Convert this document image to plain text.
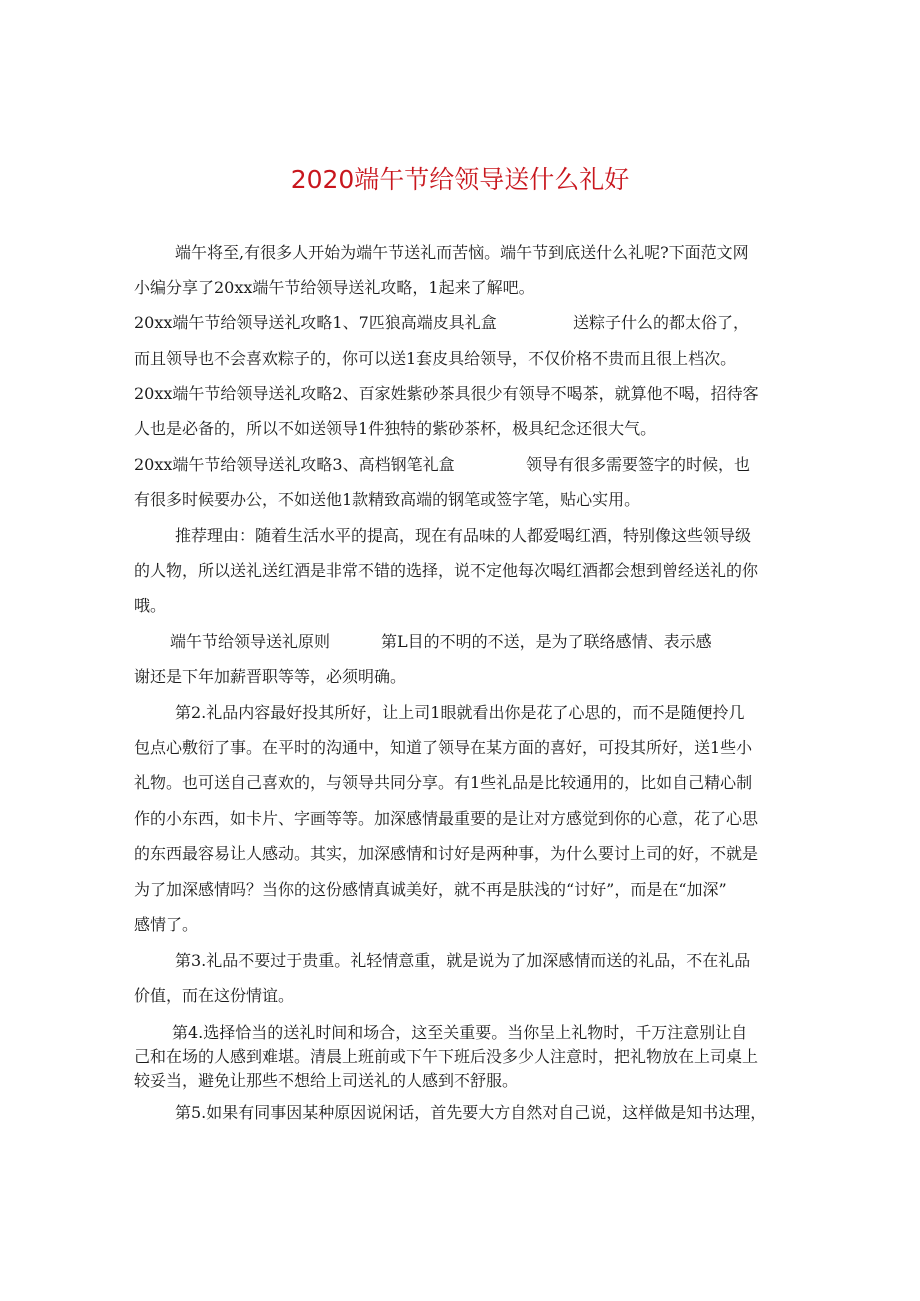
2020端午节给领导送什么礼好
端午将至,有很多人开始为端午节送礼而苦恼。端午节到底送什么礼呢?下面范文网
小编分享了20xx端午节给领导送礼攻略，1起来了解吧。
20xx端午节给领导送礼攻略1、7匹狼高端皮具礼盒	送粽子什么的都太俗了，
而且领导也不会喜欢粽子的，你可以送1套皮具给领导，不仅价格不贵而且很上档次。
20xx端午节给领导送礼攻略2、百家姓紫砂茶具很少有领导不喝茶，就算他不喝，招待客
人也是必备的，所以不如送领导1件独特的紫砂茶杯，极具纪念还很大气。
20xx端午节给领导送礼攻略3、高档钢笔礼盒	领导有很多需要签字的时候，也
有很多时候要办公，不如送他1款精致高端的钢笔或签字笔，贴心实用。
推荐理由：随着生活水平的提高，现在有品味的人都爱喝红酒，特别像这些领导级
的人物，所以送礼送红酒是非常不错的选择，说不定他每次喝红酒都会想到曾经送礼的你
哦。
端午节给领导送礼原则	第L目的不明的不送，是为了联络感情、表示感
谢还是下年加薪晋职等等，必须明确。
第2.礼品内容最好投其所好，让上司1眼就看出你是花了心思的，而不是随便拎几
包点心敷衍了事。在平时的沟通中，知道了领导在某方面的喜好，可投其所好，送1些小
礼物。也可送自己喜欢的，与领导共同分享。有1些礼品是比较通用的，比如自己精心制
作的小东西，如卡片、字画等等。加深感情最重要的是让对方感觉到你的心意，花了心思
的东西最容易让人感动。其实，加深感情和讨好是两种事，为什么要讨上司的好，不就是
为了加深感情吗？当你的这份感情真诚美好，就不再是肤浅的“讨好”，而是在“加深”
感情了。
第3.礼品不要过于贵重。礼轻情意重，就是说为了加深感情而送的礼品，不在礼品
价值，而在这份情谊。
第4.选择恰当的送礼时间和场合，这至关重要。当你呈上礼物时，千万注意别让自
己和在场的人感到难堪。清晨上班前或下午下班后没多少人注意时，把礼物放在上司桌上
较妥当，避免让那些不想给上司送礼的人感到不舒服。
第5.如果有同事因某种原因说闲话，首先要大方自然对自己说，这样做是知书达理，
